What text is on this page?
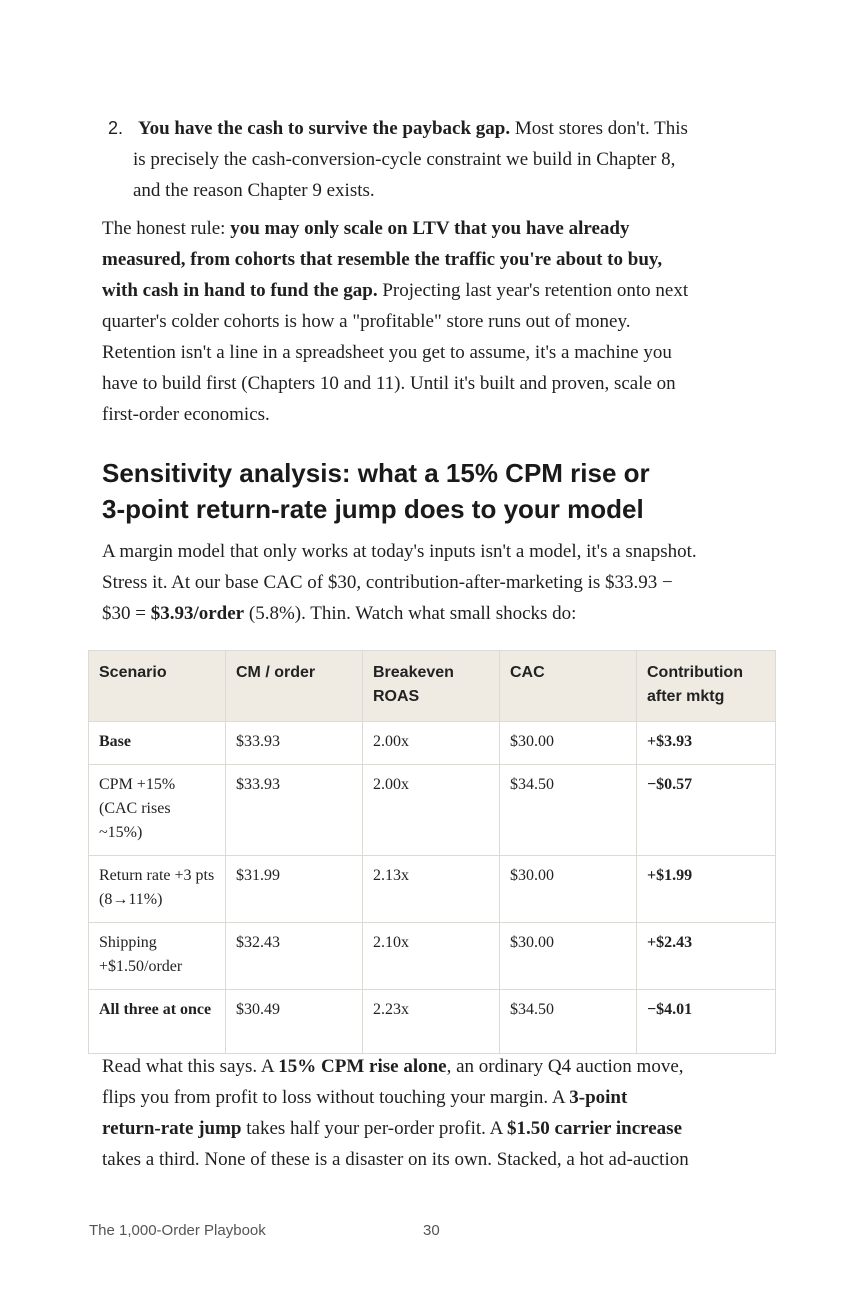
2. You have the cash to survive the payback gap. Most stores don't. This
is precisely the cash-conversion-cycle constraint we build in Chapter 8,
and the reason Chapter 9 exists.
The honest rule: you may only scale on LTV that you have already
measured, from cohorts that resemble the traffic you're about to buy,
with cash in hand to fund the gap. Projecting last year's retention onto next
quarter's colder cohorts is how a "profitable" store runs out of money.
Retention isn't a line in a spreadsheet you get to assume, it's a machine you
have to build first (Chapters 10 and 11). Until it's built and proven, scale on
first-order economics.
Sensitivity analysis: what a 15% CPM rise or
3-point return-rate jump does to your model
A margin model that only works at today's inputs isn't a model, it's a snapshot.
Stress it. At our base CAC of $30, contribution-after-marketing is $33.93 −
$30 = $3.93/order (5.8%). Thin. Watch what small shocks do:
Scenario	CM / order	Breakeven ROAS	CAC	Contribution after mktg
Base	$33.93	2.00x	$30.00	+$3.93
CPM +15% (CAC rises ~15%)	$33.93	2.00x	$34.50	−$0.57
Return rate +3 pts (8→11%)	$31.99	2.13x	$30.00	+$1.99
Shipping +$1.50/order	$32.43	2.10x	$30.00	+$2.43
All three at once	$30.49	2.23x	$34.50	−$4.01
Read what this says. A 15% CPM rise alone, an ordinary Q4 auction move,
flips you from profit to loss without touching your margin. A 3-point
return-rate jump takes half your per-order profit. A $1.50 carrier increase
takes a third. None of these is a disaster on its own. Stacked, a hot ad-auction
The 1,000-Order Playbook	30
